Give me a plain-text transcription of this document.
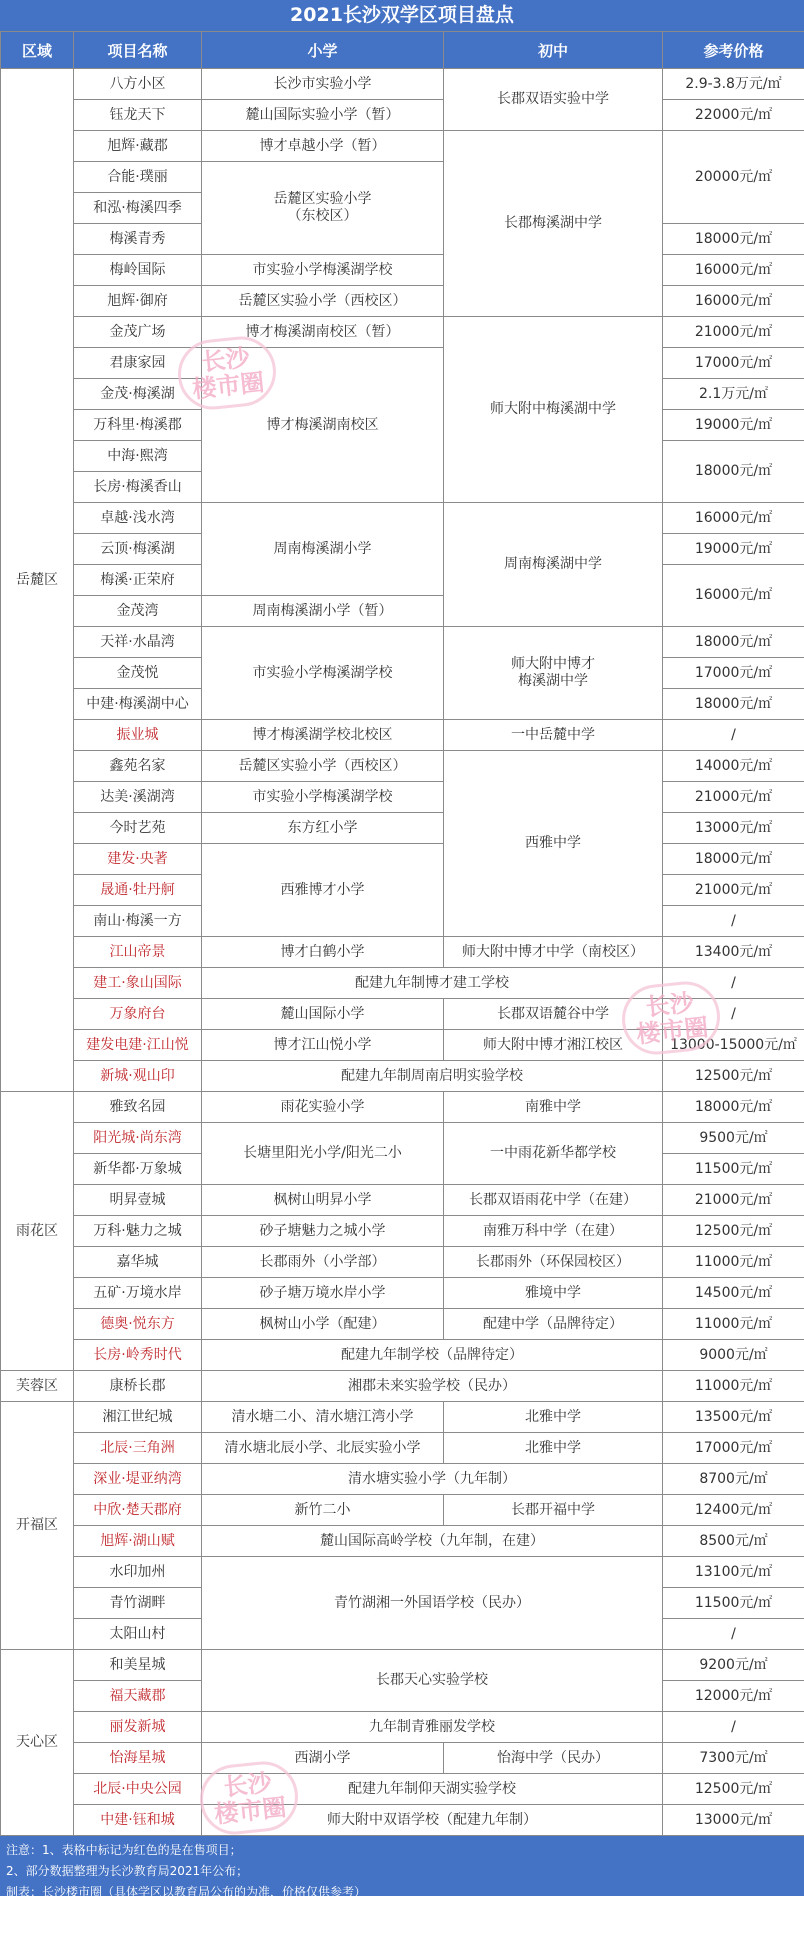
2021长沙双学区项目盘点
区域	项目名称	小学	初中	参考价格
岳麓区	八方小区	长沙市实验小学	长郡双语实验中学	2.9-3.8万元/㎡
	钰龙天下	麓山国际实验小学（暂）		22000元/㎡
	旭辉·藏郡	博才卓越小学（暂）	长郡梅溪湖中学	20000元/㎡
	合能·璞丽	岳麓区实验小学
（东校区）		
	和泓·梅溪四季			
	梅溪青秀			18000元/㎡
	梅岭国际	市实验小学梅溪湖学校		16000元/㎡
	旭辉·御府	岳麓区实验小学（西校区）		16000元/㎡
	金茂广场	博才梅溪湖南校区（暂）	师大附中梅溪湖中学	21000元/㎡
	君康家园	博才梅溪湖南校区		17000元/㎡
	金茂·梅溪湖			2.1万元/㎡
	万科里·梅溪郡			19000元/㎡
	中海·熙湾			18000元/㎡
	长房·梅溪香山			
	卓越·浅水湾	周南梅溪湖小学	周南梅溪湖中学	16000元/㎡
	云顶·梅溪湖			19000元/㎡
	梅溪·正荣府			16000元/㎡
	金茂湾	周南梅溪湖小学（暂）		
	天祥·水晶湾	市实验小学梅溪湖学校	师大附中博才
梅溪湖中学	18000元/㎡
	金茂悦			17000元/㎡
	中建·梅溪湖中心			18000元/㎡
	振业城	博才梅溪湖学校北校区	一中岳麓中学	/
	鑫苑名家	岳麓区实验小学（西校区）	西雅中学	14000元/㎡
	达美·溪湖湾	市实验小学梅溪湖学校		21000元/㎡
	今时艺苑	东方红小学		13000元/㎡
	建发·央著	西雅博才小学		18000元/㎡
	晟通·牡丹舸			21000元/㎡
	南山·梅溪一方			/
	江山帝景	博才白鹤小学	师大附中博才中学（南校区）	13400元/㎡
	建工·象山国际	配建九年制博才建工学校		/
	万象府台	麓山国际小学	长郡双语麓谷中学	/
	建发电建·江山悦	博才江山悦小学	师大附中博才湘江校区	13000-15000元/㎡
	新城·观山印	配建九年制周南启明实验学校		12500元/㎡
雨花区	雅致名园	雨花实验小学	南雅中学	18000元/㎡
	阳光城·尚东湾	长塘里阳光小学/阳光二小	一中雨花新华都学校	9500元/㎡
	新华都·万象城			11500元/㎡
	明昇壹城	枫树山明昇小学	长郡双语雨花中学（在建）	21000元/㎡
	万科·魅力之城	砂子塘魅力之城小学	南雅万科中学（在建）	12500元/㎡
	嘉华城	长郡雨外（小学部）	长郡雨外（环保园校区）	11000元/㎡
	五矿·万境水岸	砂子塘万境水岸小学	雅境中学	14500元/㎡
	德奥·悦东方	枫树山小学（配建）	配建中学（品牌待定）	11000元/㎡
	长房·岭秀时代	配建九年制学校（品牌待定）		9000元/㎡
芙蓉区	康桥长郡	湘郡未来实验学校（民办）		11000元/㎡
开福区	湘江世纪城	清水塘二小、清水塘江湾小学	北雅中学	13500元/㎡
	北辰·三角洲	清水塘北辰小学、北辰实验小学	北雅中学	17000元/㎡
	深业·堤亚纳湾	清水塘实验小学（九年制）		8700元/㎡
	中欣·楚天郡府	新竹二小	长郡开福中学	12400元/㎡
	旭辉·湖山赋	麓山国际高岭学校（九年制，在建）		8500元/㎡
	水印加州	青竹湖湘一外国语学校（民办）		13100元/㎡
	青竹湖畔			11500元/㎡
	太阳山村			/
天心区	和美星城	长郡天心实验学校		9200元/㎡
	福天藏郡			12000元/㎡
	丽发新城	九年制青雅丽发学校		/
	怡海星城	西湖小学	怡海中学（民办）	7300元/㎡
	北辰·中央公园	配建九年制仰天湖实验学校		12500元/㎡
	中建·钰和城	师大附中双语学校（配建九年制）		13000元/㎡
注意：1、表格中标记为红色的是在售项目；
2、部分数据整理为长沙教育局2021年公布；
制表：长沙楼市圈（具体学区以教育局公布的为准，价格仅供参考）
长沙
楼市圈
长沙
楼市圈
长沙
楼市圈
